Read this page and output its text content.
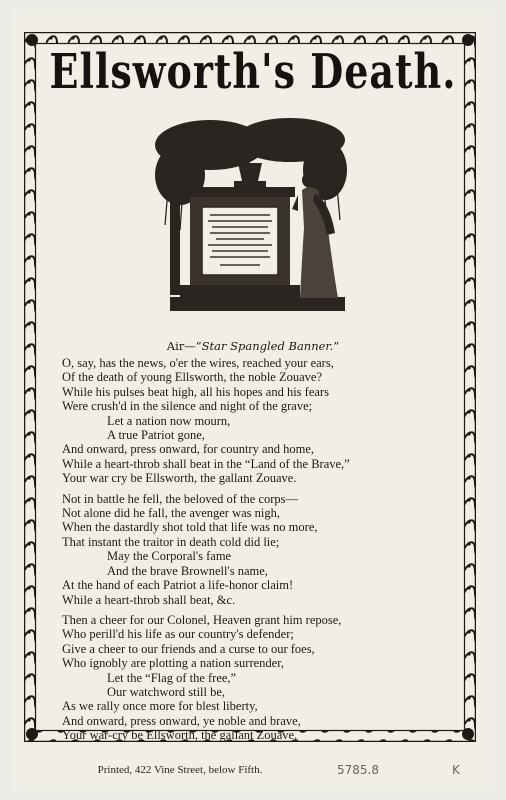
Ellsworth's Death.
Air—“Star Spangled Banner.”
O, say, has the news, o'er the wires, reached your ears,
Of the death of young Ellsworth, the noble Zouave?
While his pulses beat high, all his hopes and his fears
Were crush'd in the silence and night of the grave;
Let a nation now mourn,
A true Patriot gone,
And onward, press onward, for country and home,
While a heart-throb shall beat in the “Land of the Brave,”
Your war cry be Ellsworth, the gallant Zouave.
Not in battle he fell, the beloved of the corps—
Not alone did he fall, the avenger was nigh,
When the dastardly shot told that life was no more,
That instant the traitor in death cold did lie;
May the Corporal's fame
And the brave Brownell's name,
At the hand of each Patriot a life-honor claim!
While a heart-throb shall beat, &c.
Then a cheer for our Colonel, Heaven grant him repose,
Who perill'd his life as our country's defender;
Give a cheer to our friends and a curse to our foes,
Who ignobly are plotting a nation surrender,
Let the “Flag of the free,”
Our watchword still be,
As we rally once more for blest liberty,
And onward, press onward, ye noble and brave,
Your war-cry be Ellsworth, the gallant Zouave.
Printed, 422 Vine Street, below Fifth.	5785.8	K
